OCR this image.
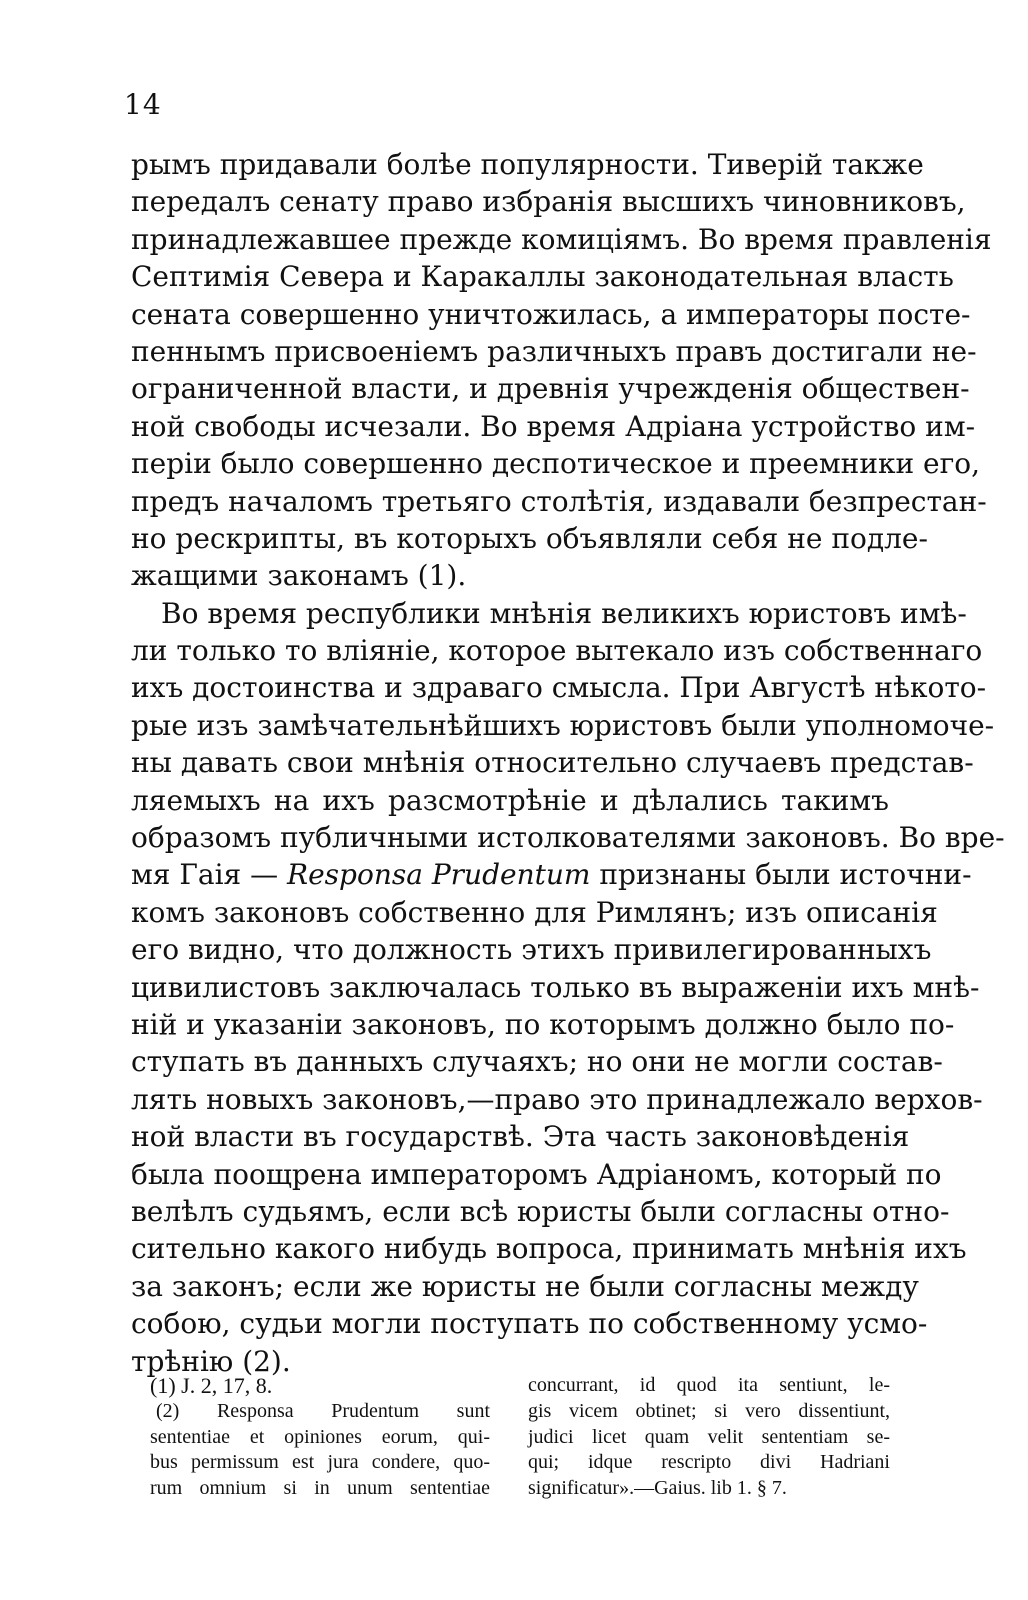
14
рымъ придавали болѣе популярности. Тиверій также
передалъ сенату право избранія высшихъ чиновниковъ,
принадлежавшее прежде комиціямъ. Во время правленія
Септимія Севера и Каракаллы законодательная власть
сената совершенно уничтожилась, а императоры посте-
пеннымъ присвоеніемъ различныхъ правъ достигали не-
ограниченной власти, и древнія учрежденія обществен-
ной свободы исчезали. Во время Адріана устройство им-
періи было совершенно деспотическое и преемники его,
предъ началомъ третьяго столѣтія, издавали безпрестан-
но рескрипты, въ которыхъ объявляли себя не подле-
жащими законамъ (1).
Во время республики мнѣнія великихъ юристовъ имѣ-
ли только то вліяніе, которое вытекало изъ собственнаго
ихъ достоинства и здраваго смысла. При Августѣ нѣкото-
рые изъ замѣчательнѣйшихъ юристовъ были уполномоче-
ны давать свои мнѣнія относительно случаевъ представ-
ляемыхъ на ихъ разсмотрѣніе и дѣлались такимъ
образомъ публичными истолкователями законовъ. Во вре-
мя Гаія — Responsa Prudentum признаны были источни-
комъ законовъ собственно для Римлянъ; изъ описанія
его видно, что должность этихъ привилегированныхъ
цивилистовъ заключалась только въ выраженіи ихъ мнѣ-
ній и указаніи законовъ, по которымъ должно было по-
ступать въ данныхъ случаяхъ; но они не могли состав-
лять новыхъ законовъ,—право это принадлежало верхов-
ной власти въ государствѣ. Эта часть законовѣденія
была поощрена императоромъ Адріаномъ, который по
велѣлъ судьямъ, если всѣ юристы были согласны отно-
сительно какого нибудь вопроса, принимать мнѣнія ихъ
за законъ; если же юристы не были согласны между
собою, судьи могли поступать по собственному усмо-
трѣнію (2).
(1) J. 2, 17, 8.
(2) Responsa Prudentum sunt
sententiae et opiniones eorum, qui-
bus permissum est jura condere, quo-
rum omnium si in unum sententiae
concurrant, id quod ita sentiunt, le-
gis vicem obtinet; si vero dissentiunt,
judici licet quam velit sententiam se-
qui; idque rescripto divi Hadriani
significatur».—Gaius. lib 1. § 7.
